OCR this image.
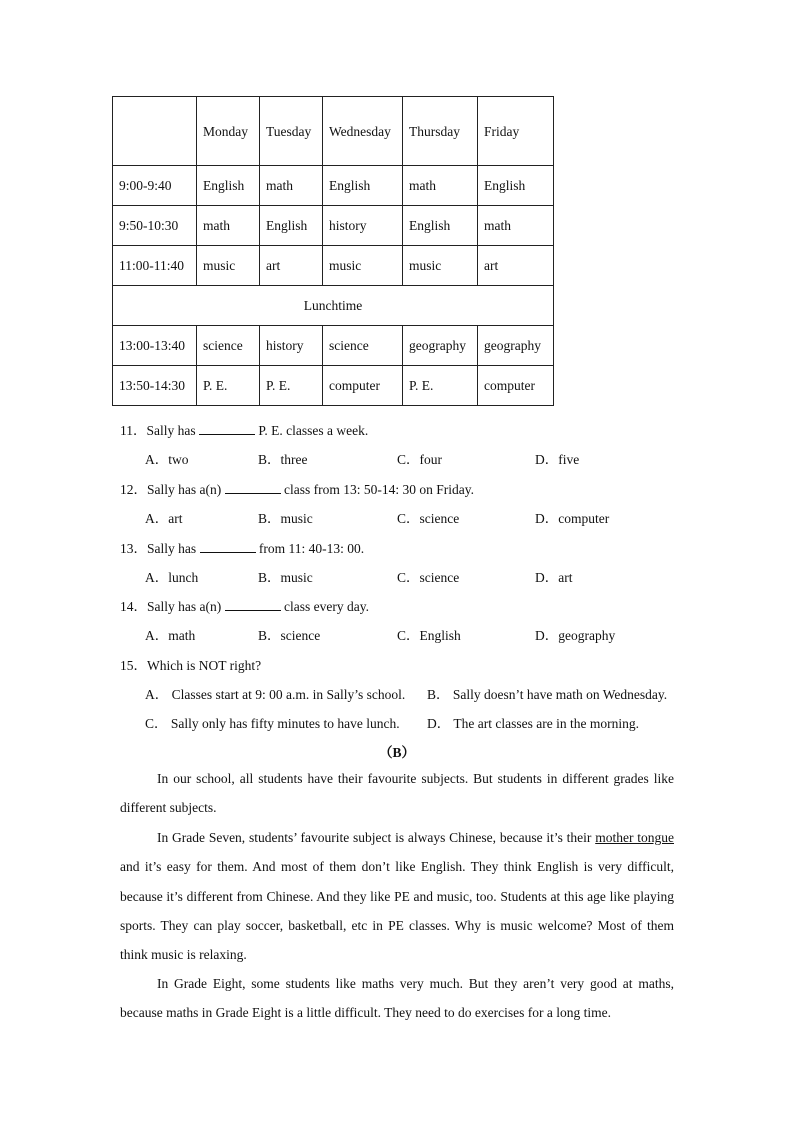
	Monday	Tuesday	Wednesday	Thursday	Friday
9:00-9:40	English	math	English	math	English
9:50-10:30	math	English	history	English	math
11:00-11:40	music	art	music	music	art
Lunchtime					
13:00-13:40	science	history	science	geography	geography
13:50-14:30	P. E.	P. E.	computer	P. E.	computer
11．Sally has	P. E. classes a week.
A．two	B．three	C．four	D．five
12．Sally has a(n)	class from 13: 50-14: 30 on Friday.
A．art	B．music	C．science	D．computer
13．Sally has	from 11: 40-13: 00.
A．lunch	B．music	C．science	D．art
14．Sally has a(n)	class every day.
A．math	B．science	C．English	D．geography
15．Which is NOT right?
A． Classes start at 9: 00 a.m. in Sally’s school. B． Sally doesn’t have math on Wednesday.
C． Sally only has fifty minutes to have lunch. D． The art classes are in the morning.
（B）
In our school, all students have their favourite subjects. But students in different grades like different subjects.
In Grade Seven, students’ favourite subject is always Chinese, because it’s their mother tongue and it’s easy for them. And most of them don’t like English. They think English is very difficult, because it’s different from Chinese. And they like PE and music, too. Students at this age like playing sports. They can play soccer, basketball, etc in PE classes. Why is music welcome? Most of them think music is relaxing.
In Grade Eight, some students like maths very much. But they aren’t very good at maths, because maths in Grade Eight is a little difficult. They need to do exercises for a long time.
